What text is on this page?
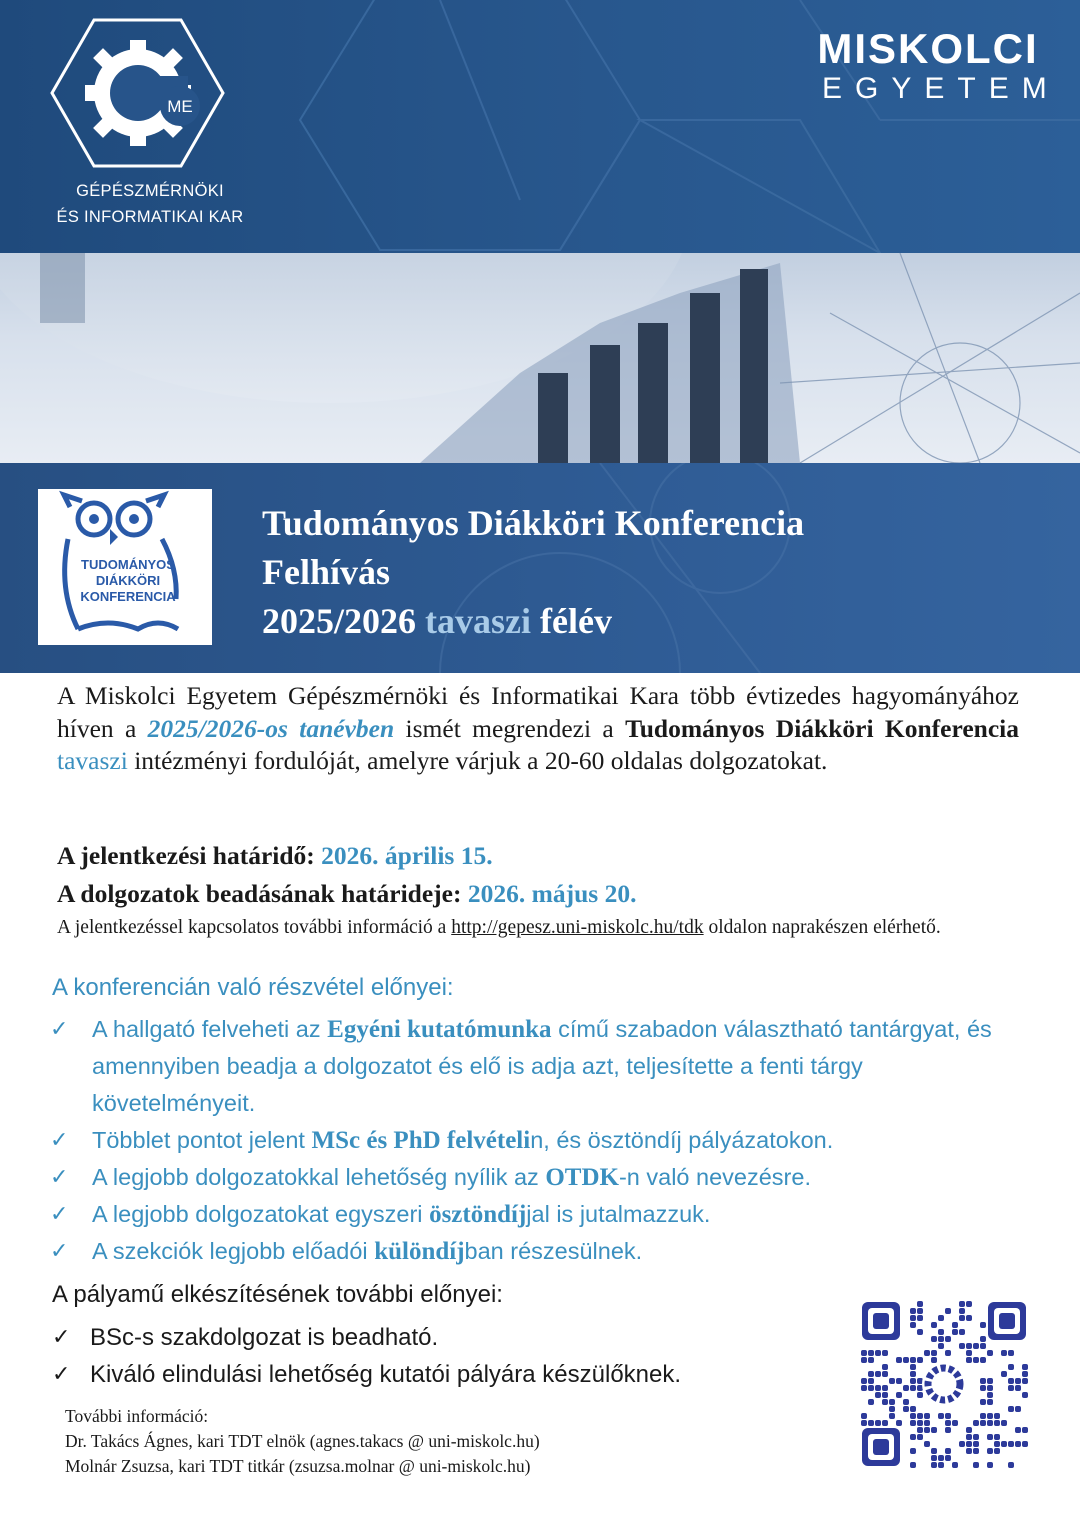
ME
GÉPÉSZMÉRNÖKI
ÉS INFORMATIKAI KAR
MISKOLCI
EGYETEM
TUDOMÁNYOS
DIÁKKÖRI
KONFERENCIA
Tudományos Diákköri Konferencia
Felhívás
2025/2026 tavaszi félév

A Miskolci Egyetem Gépészmérnöki és Informatikai Kara több évtizedes hagyományához híven a 2025/2026-os tanévben ismét megrendezi a Tudományos Diákköri Konferencia tavaszi intézményi fordulóját, amelyre várjuk a 20-60 oldalas dolgozatokat.

A jelentkezési határidő: 2026. április 15.
A dolgozatok beadásának határideje: 2026. május 20.
A jelentkezéssel kapcsolatos további információ a http://gepesz.uni-miskolc.hu/tdk oldalon naprakészen elérhető.
A konferencián való részvétel előnyei:
✓ A hallgató felveheti az Egyéni kutatómunka című szabadon választható tantárgyat, és amennyiben beadja a dolgozatot és elő is adja azt, teljesítette a fenti tárgy követelményeit.
✓ Többlet pontot jelent MSc és PhD felvételin, és ösztöndíj pályázatokon.
✓ A legjobb dolgozatokkal lehetőség nyílik az OTDK-n való nevezésre.
✓ A legjobb dolgozatokat egyszeri ösztöndíjjal is jutalmazzuk.
✓ A szekciók legjobb előadói különdíjban részesülnek.
A pályamű elkészítésének további előnyei:
✓ BSc-s szakdolgozat is beadható.
✓ Kiváló elindulási lehetőség kutatói pályára készülőknek.
További információ:
Dr. Takács Ágnes, kari TDT elnök (agnes.takacs @ uni-miskolc.hu)
Molnár Zsuzsa, kari TDT titkár (zsuzsa.molnar @ uni-miskolc.hu)
